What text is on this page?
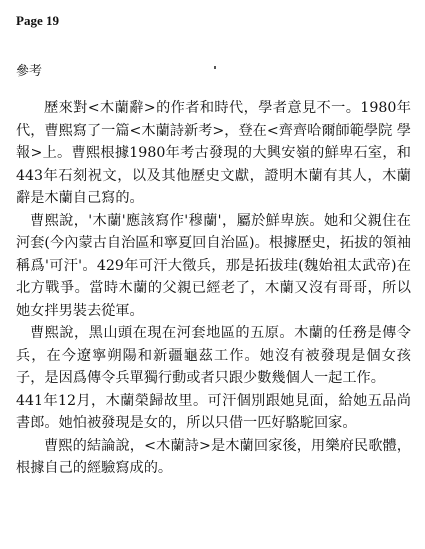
Page 19
參考

歷來對<木蘭辭>的作者和時代，學者意見不一。1980年代，曹熙寫了一篇<木蘭詩新考>，登在<齊齊哈爾師範學院 學報>上。曹熙根據1980年考古發現的大興安嶺的鮮卑石室，和443年石刻祝文，以及其他歷史文獻，證明木蘭有其人，木蘭辭是木蘭自己寫的。

曹熙說，'木蘭'應該寫作'穆蘭'，屬於鮮卑族。她和父親住在河套(今內蒙古自治區和寧夏回自治區)。根據歷史，拓拔的領袖稱爲'可汗'。429年可汗大徵兵，那是拓拔珪(魏始祖太武帝)在北方戰爭。當時木蘭的父親已經老了，木蘭又沒有哥哥，所以她女拌男裝去從軍。

曹熙說，黑山頭在現在河套地區的五原。木蘭的任務是傳令兵，在今遼寧朔陽和新疆龜茲工作。她沒有被發現是個女孩子，是因爲傳令兵單獨行動或者只跟少數幾個人一起工作。

441年12月，木蘭榮歸故里。可汗個別跟她見面，給她五品尚書郎。她怕被發現是女的，所以只借一匹好駱駝回家。

曹熙的結論說，<木蘭詩>是木蘭回家後，用樂府民歌體，根據自己的經驗寫成的。
